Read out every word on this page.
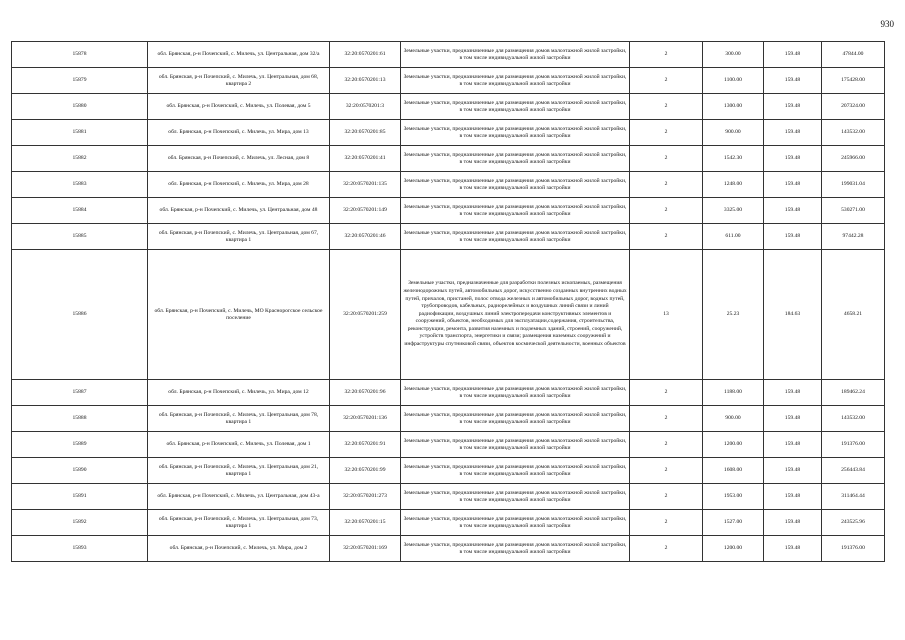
930
15878	обл. Брянская, р-н Почепский, с. Милечь, ул. Центральная, дом 32/а	32:20:0570201:61	Земельные участки, предназначенные для размещения домов малоэтажной жилой застройки, в том числе индивидуальной жилой застройки	2	300.00	159.48	47844.00
15879	обл. Брянская, р-н Почепский, с. Милечь, ул. Центральная, дом 68, квартира 2	32:20:0570201:13	Земельные участки, предназначенные для размещения домов малоэтажной жилой застройки, в том числе индивидуальной жилой застройки	2	1100.00	159.48	175428.00
15880	обл. Брянская, р-н Почепский, с. Милечь, ул. Полевая, дом 5	32:20:0570201:3	Земельные участки, предназначенные для размещения домов малоэтажной жилой застройки, в том числе индивидуальной жилой застройки	2	1300.00	159.48	207324.00
15881	обл. Брянская, р-н Почепский, с. Милечь, ул. Мира, дом 13	32:20:0570201:85	Земельные участки, предназначенные для размещения домов малоэтажной жилой застройки, в том числе индивидуальной жилой застройки	2	900.00	159.48	143532.00
15882	обл. Брянская, р-н Почепский, с. Милечь, ул. Лесная, дом 8	32:20:0570201:41	Земельные участки, предназначенные для размещения домов малоэтажной жилой застройки, в том числе индивидуальной жилой застройки	2	1542.30	159.48	245966.00
15883	обл. Брянская, р-н Почепский, с. Милечь, ул. Мира, дом 28	32:20:0570201:135	Земельные участки, предназначенные для размещения домов малоэтажной жилой застройки, в том числе индивидуальной жилой застройки	2	1248.00	159.48	199031.04
15884	обл. Брянская, р-н Почепский, с. Милечь, ул. Центральная, дом 48	32:20:0570201:149	Земельные участки, предназначенные для размещения домов малоэтажной жилой застройки, в том числе индивидуальной жилой застройки	2	3325.00	159.48	530271.00
15885	обл. Брянская, р-н Почепский, с. Милечь, ул. Центральная, дом 67, квартира 1	32:20:0570201:46	Земельные участки, предназначенные для размещения домов малоэтажной жилой застройки, в том числе индивидуальной жилой застройки	2	611.00	159.48	97442.28
15886	обл. Брянская, р-н Почепский, с. Милечь, МО Краснорогское сельское поселение	32:20:0570201:259	Земельные участки, предназначенные для разработки полезных ископаемых, размещения железнодорожных путей, автомобильных дорог, искусственно созданных внутренних водных путей, причалов, пристаней, полос отвода железных и автомобильных дорог, водных путей, трубопроводов, кабельных, радиорелейных и воздушных линий связи и линий радиофикации, воздушных линий электропередачи конструктивных элементов и сооружений, объектов, необходимых для эксплуатации,содержания, строительства, реконструкции, ремонта, развития наземных и подземных зданий, строений, сооружений, устройств транспорта, энергетики и связи; размещения наземных сооружений и инфраструктуры спутниковой связи, объектов космической деятельности, военных объектов	13	25.23	184.63	4658.21
15887	обл. Брянская, р-н Почепский, с. Милечь, ул. Мира, дом 12	32:20:0570201:96	Земельные участки, предназначенные для размещения домов малоэтажной жилой застройки, в том числе индивидуальной жилой застройки	2	1188.00	159.48	189462.24
15888	обл. Брянская, р-н Почепский, с. Милечь, ул. Центральная, дом 78, квартира 1	32:20:0570201:136	Земельные участки, предназначенные для размещения домов малоэтажной жилой застройки, в том числе индивидуальной жилой застройки	2	900.00	159.48	143532.00
15889	обл. Брянская, р-н Почепский, с. Милечь, ул. Полевая, дом 1	32:20:0570201:91	Земельные участки, предназначенные для размещения домов малоэтажной жилой застройки, в том числе индивидуальной жилой застройки	2	1200.00	159.48	191376.00
15890	обл. Брянская, р-н Почепский, с. Милечь, ул. Центральная, дом 21, квартира 1	32:20:0570201:99	Земельные участки, предназначенные для размещения домов малоэтажной жилой застройки, в том числе индивидуальной жилой застройки	2	1608.00	159.48	256443.84
15891	обл. Брянская, р-н Почепский, с. Милечь, ул. Центральная, дом 43-а	32:20:0570201:273	Земельные участки, предназначенные для размещения домов малоэтажной жилой застройки, в том числе индивидуальной жилой застройки	2	1953.00	159.48	311464.44
15892	обл. Брянская, р-н Почепский, с. Милечь, ул. Центральная, дом 73, квартира 1	32:20:0570201:15	Земельные участки, предназначенные для размещения домов малоэтажной жилой застройки, в том числе индивидуальной жилой застройки	2	1527.00	159.48	243525.96
15893	обл. Брянская, р-н Почепский, с. Милечь, ул. Мира, дом 2	32:20:0570201:169	Земельные участки, предназначенные для размещения домов малоэтажной жилой застройки, в том числе индивидуальной жилой застройки	2	1200.00	159.48	191376.00
